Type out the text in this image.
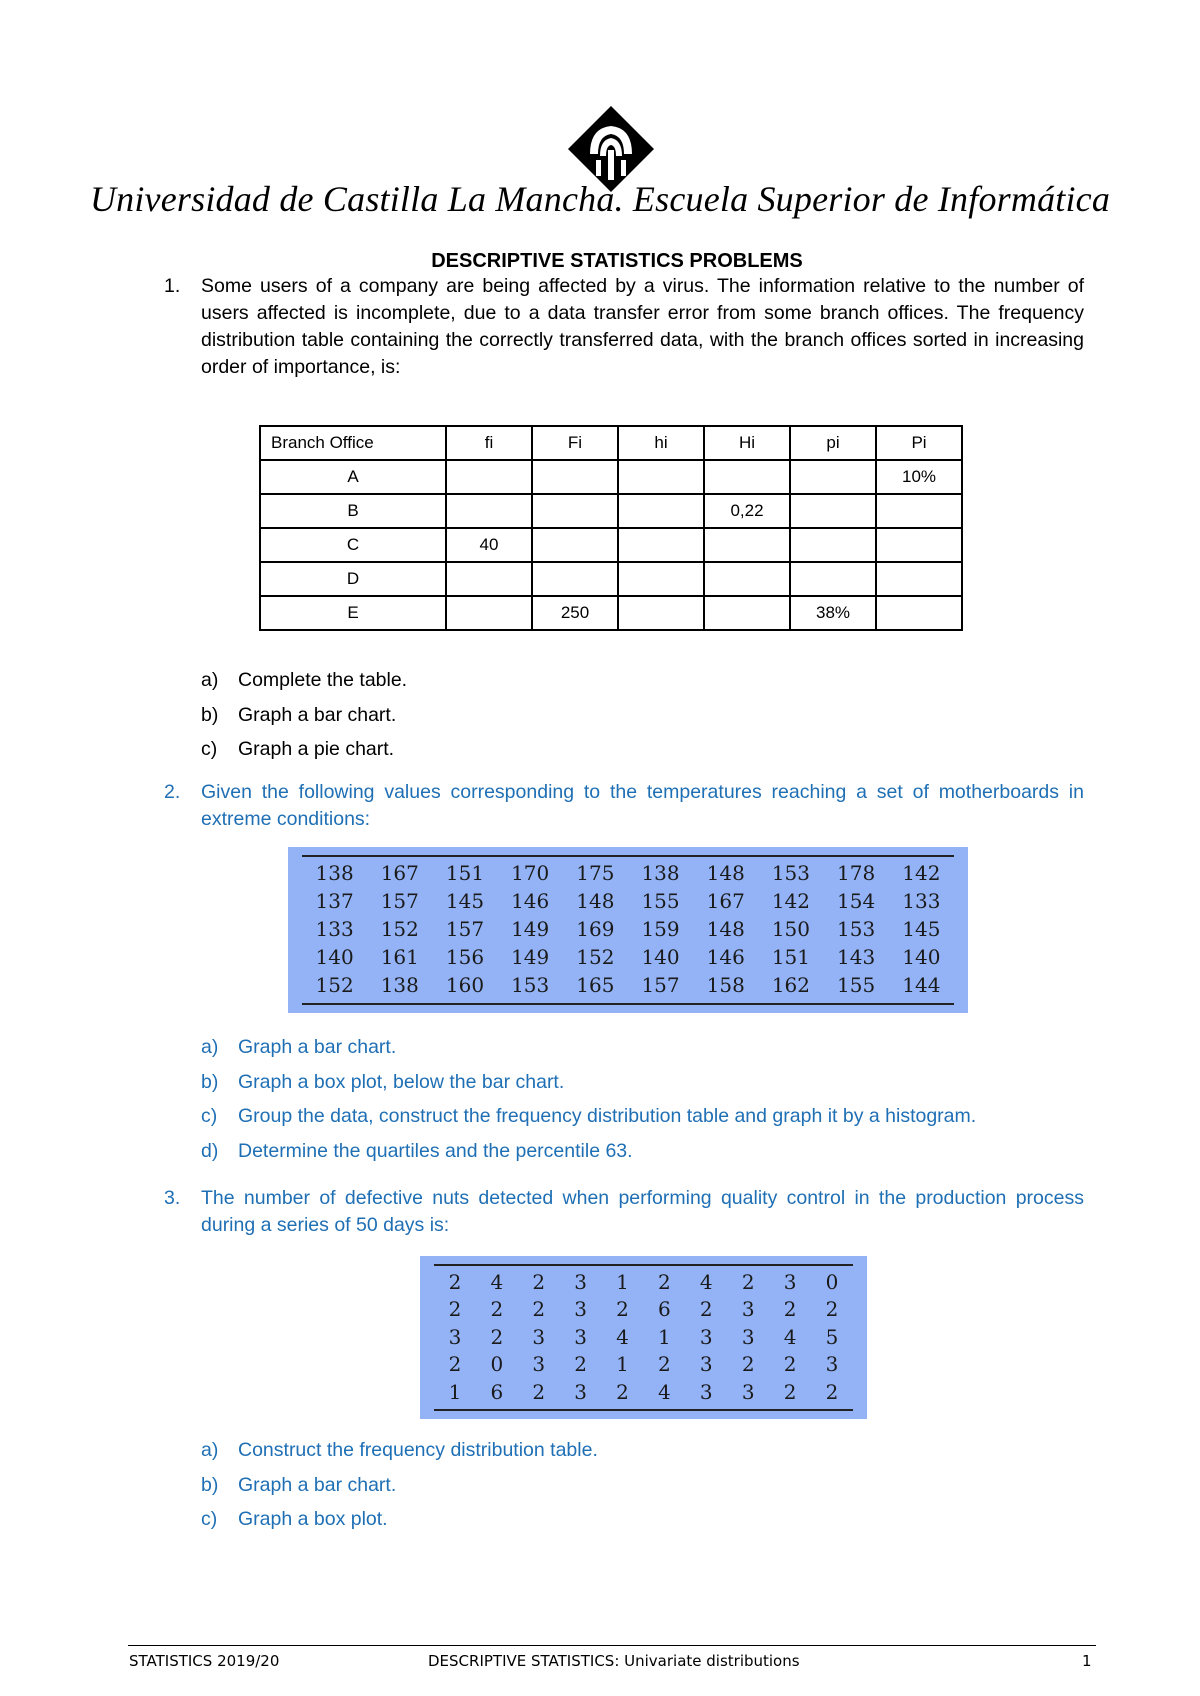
Universidad de Castilla La Mancha. Escuela Superior de Informática
DESCRIPTIVE STATISTICS PROBLEMS
1.	Some users of a company are being affected by a virus. The information relative to the number of users affected is incomplete, due to a data transfer error from some branch offices. The frequency distribution table containing the correctly transferred data, with the branch offices sorted in increasing order of importance, is:
Branch Office	fi	Fi	hi	Hi	pi	Pi
A						10%
B				0,22		
C	40					
D						
E		250			38%	
a)	Complete the table.
b)	Graph a bar chart.
c)	Graph a pie chart.
2.	Given the following values corresponding to the temperatures reaching a set of motherboards in extreme conditions:
138	167	151	170	175	138	148	153	178	142
137	157	145	146	148	155	167	142	154	133
133	152	157	149	169	159	148	150	153	145
140	161	156	149	152	140	146	151	143	140
152	138	160	153	165	157	158	162	155	144
a)	Graph a bar chart.
b)	Graph a box plot, below the bar chart.
c)	Group the data, construct the frequency distribution table and graph it by a histogram.
d)	Determine the quartiles and the percentile 63.
3.	The number of defective nuts detected when performing quality control in the production process during a series of 50 days is:
2	4	2	3	1	2	4	2	3	0
2	2	2	3	2	6	2	3	2	2
3	2	3	3	4	1	3	3	4	5
2	0	3	2	1	2	3	2	2	3
1	6	2	3	2	4	3	3	2	2
a)	Construct the frequency distribution table.
b)	Graph a bar chart.
c)	Graph a box plot.
STATISTICS 2019/20	DESCRIPTIVE STATISTICS: Univariate distributions	1
